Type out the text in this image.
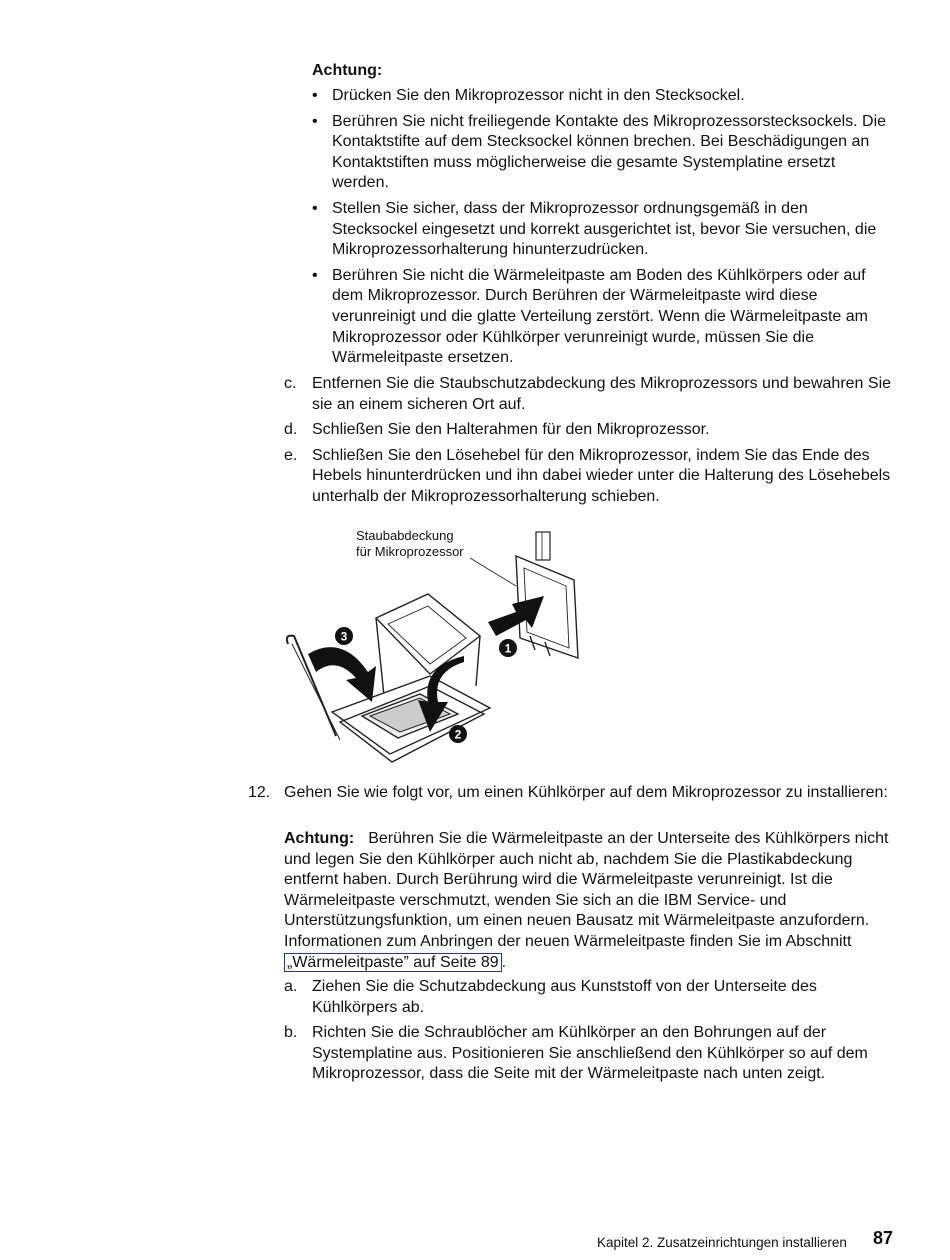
Achtung:
• Drücken Sie den Mikroprozessor nicht in den Stecksockel.
• Berühren Sie nicht freiliegende Kontakte des Mikroprozessorstecksockels. Die Kontaktstifte auf dem Stecksockel können brechen. Bei Beschädigungen an Kontaktstiften muss möglicherweise die gesamte Systemplatine ersetzt werden.
• Stellen Sie sicher, dass der Mikroprozessor ordnungsgemäß in den Stecksockel eingesetzt und korrekt ausgerichtet ist, bevor Sie versuchen, die Mikroprozessorhalterung hinunterzudrücken.
• Berühren Sie nicht die Wärmeleitpaste am Boden des Kühlkörpers oder auf dem Mikroprozessor. Durch Berühren der Wärmeleitpaste wird diese verunreinigt und die glatte Verteilung zerstört. Wenn die Wärmeleitpaste am Mikroprozessor oder Kühlkörper verunreinigt wurde, müssen Sie die Wärmeleitpaste ersetzen.
c. Entfernen Sie die Staubschutzabdeckung des Mikroprozessors und bewahren Sie sie an einem sicheren Ort auf.
d. Schließen Sie den Halterahmen für den Mikroprozessor.
e. Schließen Sie den Lösehebel für den Mikroprozessor, indem Sie das Ende des Hebels hinunterdrücken und ihn dabei wieder unter die Halterung des Lösehebels unterhalb der Mikroprozessorhalterung schieben.
Staubabdeckung
für Mikroprozessor
1
3
2
12. Gehen Sie wie folgt vor, um einen Kühlkörper auf dem Mikroprozessor zu installieren:
Achtung: Berühren Sie die Wärmeleitpaste an der Unterseite des Kühlkörpers nicht und legen Sie den Kühlkörper auch nicht ab, nachdem Sie die Plastikabdeckung entfernt haben. Durch Berührung wird die Wärmeleitpaste verunreinigt. Ist die Wärmeleitpaste verschmutzt, wenden Sie sich an die IBM Service- und Unterstützungsfunktion, um einen neuen Bausatz mit Wärmeleitpaste anzufordern. Informationen zum Anbringen der neuen Wärmeleitpaste finden Sie im Abschnitt „Wärmeleitpaste” auf Seite 89 .
a. Ziehen Sie die Schutzabdeckung aus Kunststoff von der Unterseite des Kühlkörpers ab.
b. Richten Sie die Schraublöcher am Kühlkörper an den Bohrungen auf der Systemplatine aus. Positionieren Sie anschließend den Kühlkörper so auf dem Mikroprozessor, dass die Seite mit der Wärmeleitpaste nach unten zeigt.
Kapitel 2. Zusatzeinrichtungen installieren 87
